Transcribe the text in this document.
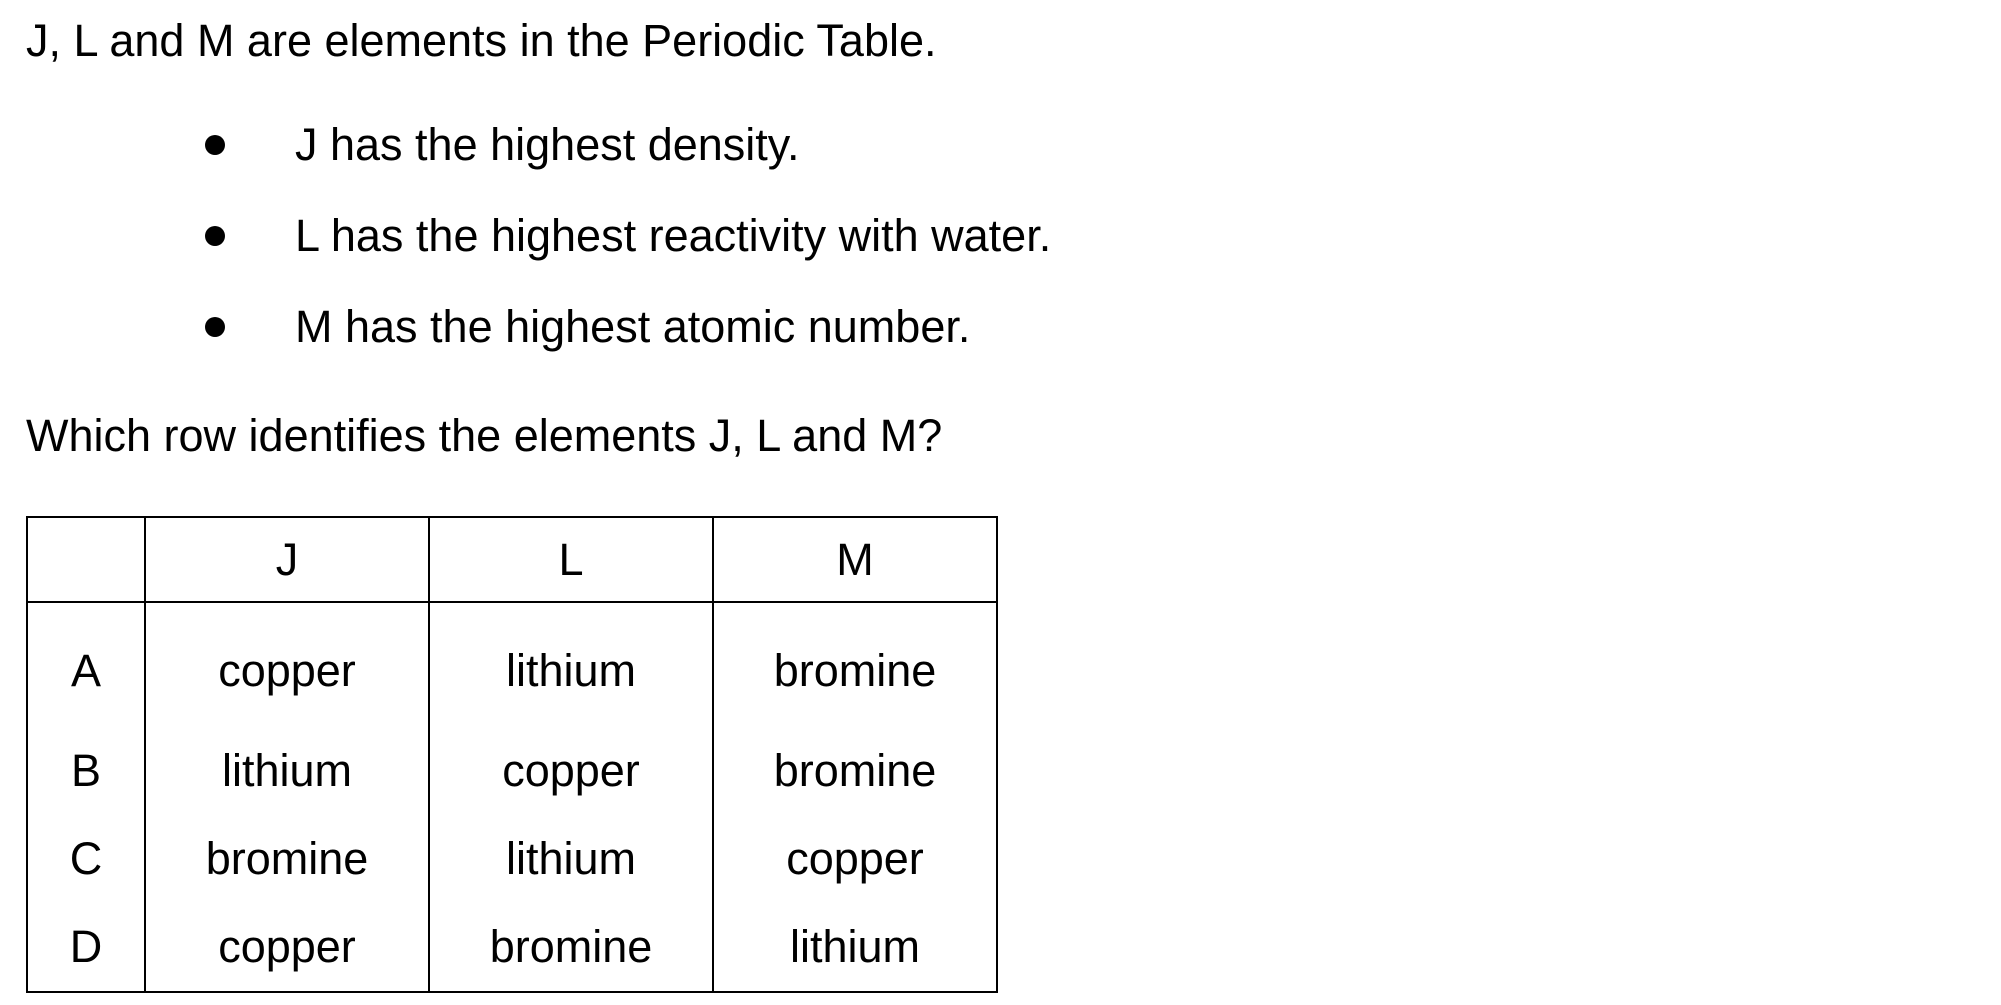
J, L and M are elements in the Periodic Table.
J has the highest density.
L has the highest reactivity with water.
M has the highest atomic number.
Which row identifies the elements J, L and M?
	J	L	M
A	copper	lithium	bromine
B	lithium	copper	bromine
C	bromine	lithium	copper
D	copper	bromine	lithium
